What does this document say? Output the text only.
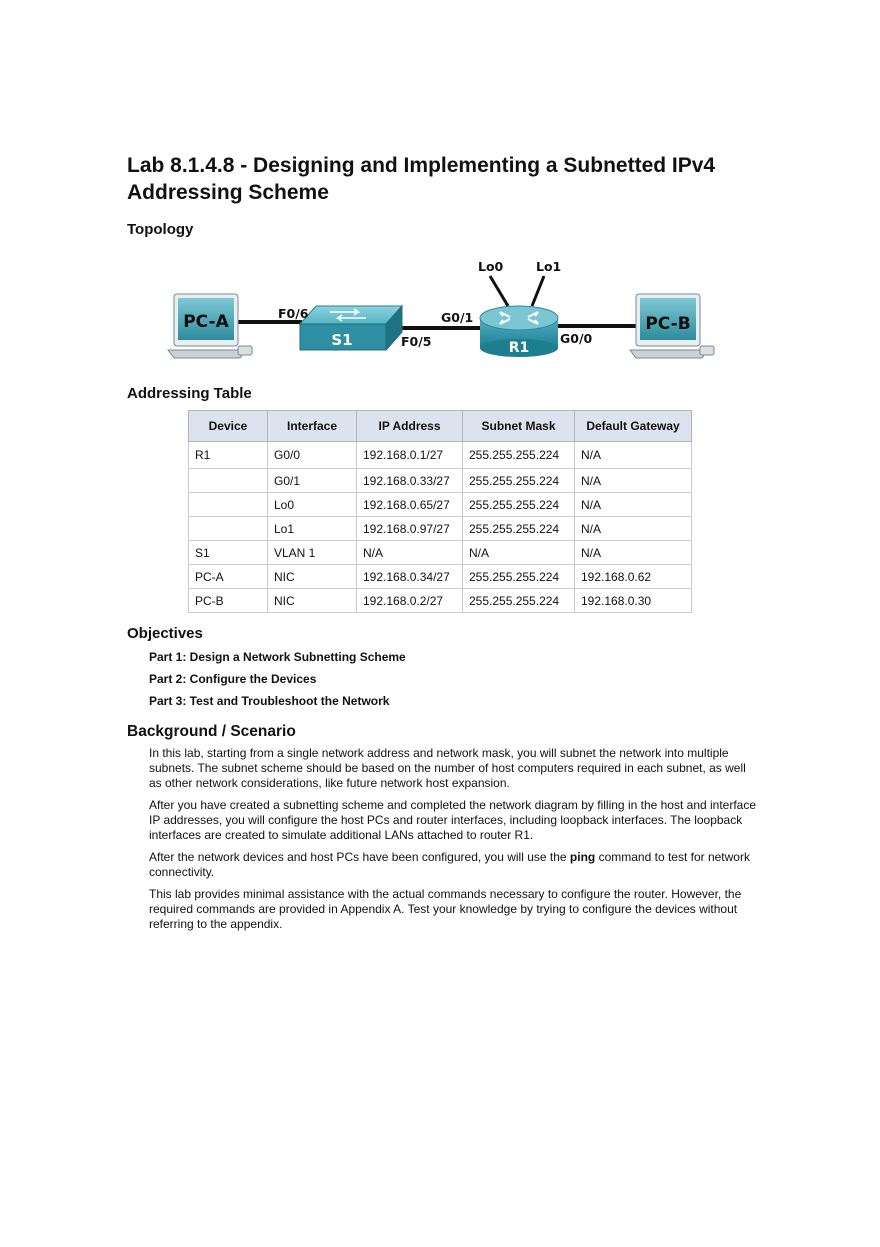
Lab 8.1.4.8 - Designing and Implementing a Subnetted IPv4 Addressing Scheme
Topology
PC-A
S1	R1
PC-B
F0/6
F0/5
G0/1
G0/0
Lo0	Lo1
Addressing Table
Device	Interface	IP Address	Subnet Mask	Default Gateway
R1	G0/0	192.168.0.1/27	255.255.255.224	N/A
	G0/1	192.168.0.33/27	255.255.255.224	N/A
	Lo0	192.168.0.65/27	255.255.255.224	N/A
	Lo1	192.168.0.97/27	255.255.255.224	N/A
S1	VLAN 1	N/A	N/A	N/A
PC-A	NIC	192.168.0.34/27	255.255.255.224	192.168.0.62
PC-B	NIC	192.168.0.2/27	255.255.255.224	192.168.0.30
Objectives
Part 1: Design a Network Subnetting Scheme
Part 2: Configure the Devices
Part 3: Test and Troubleshoot the Network
Background / Scenario

In this lab, starting from a single network address and network mask, you will subnet the network into multiple subnets. The subnet scheme should be based on the number of host computers required in each subnet, as well as other network considerations, like future network host expansion.

After you have created a subnetting scheme and completed the network diagram by filling in the host and interface IP addresses, you will configure the host PCs and router interfaces, including loopback interfaces. The loopback interfaces are created to simulate additional LANs attached to router R1.

After the network devices and host PCs have been configured, you will use the ping command to test for network connectivity.

This lab provides minimal assistance with the actual commands necessary to configure the router. However, the required commands are provided in Appendix A. Test your knowledge by trying to configure the devices without referring to the appendix.
